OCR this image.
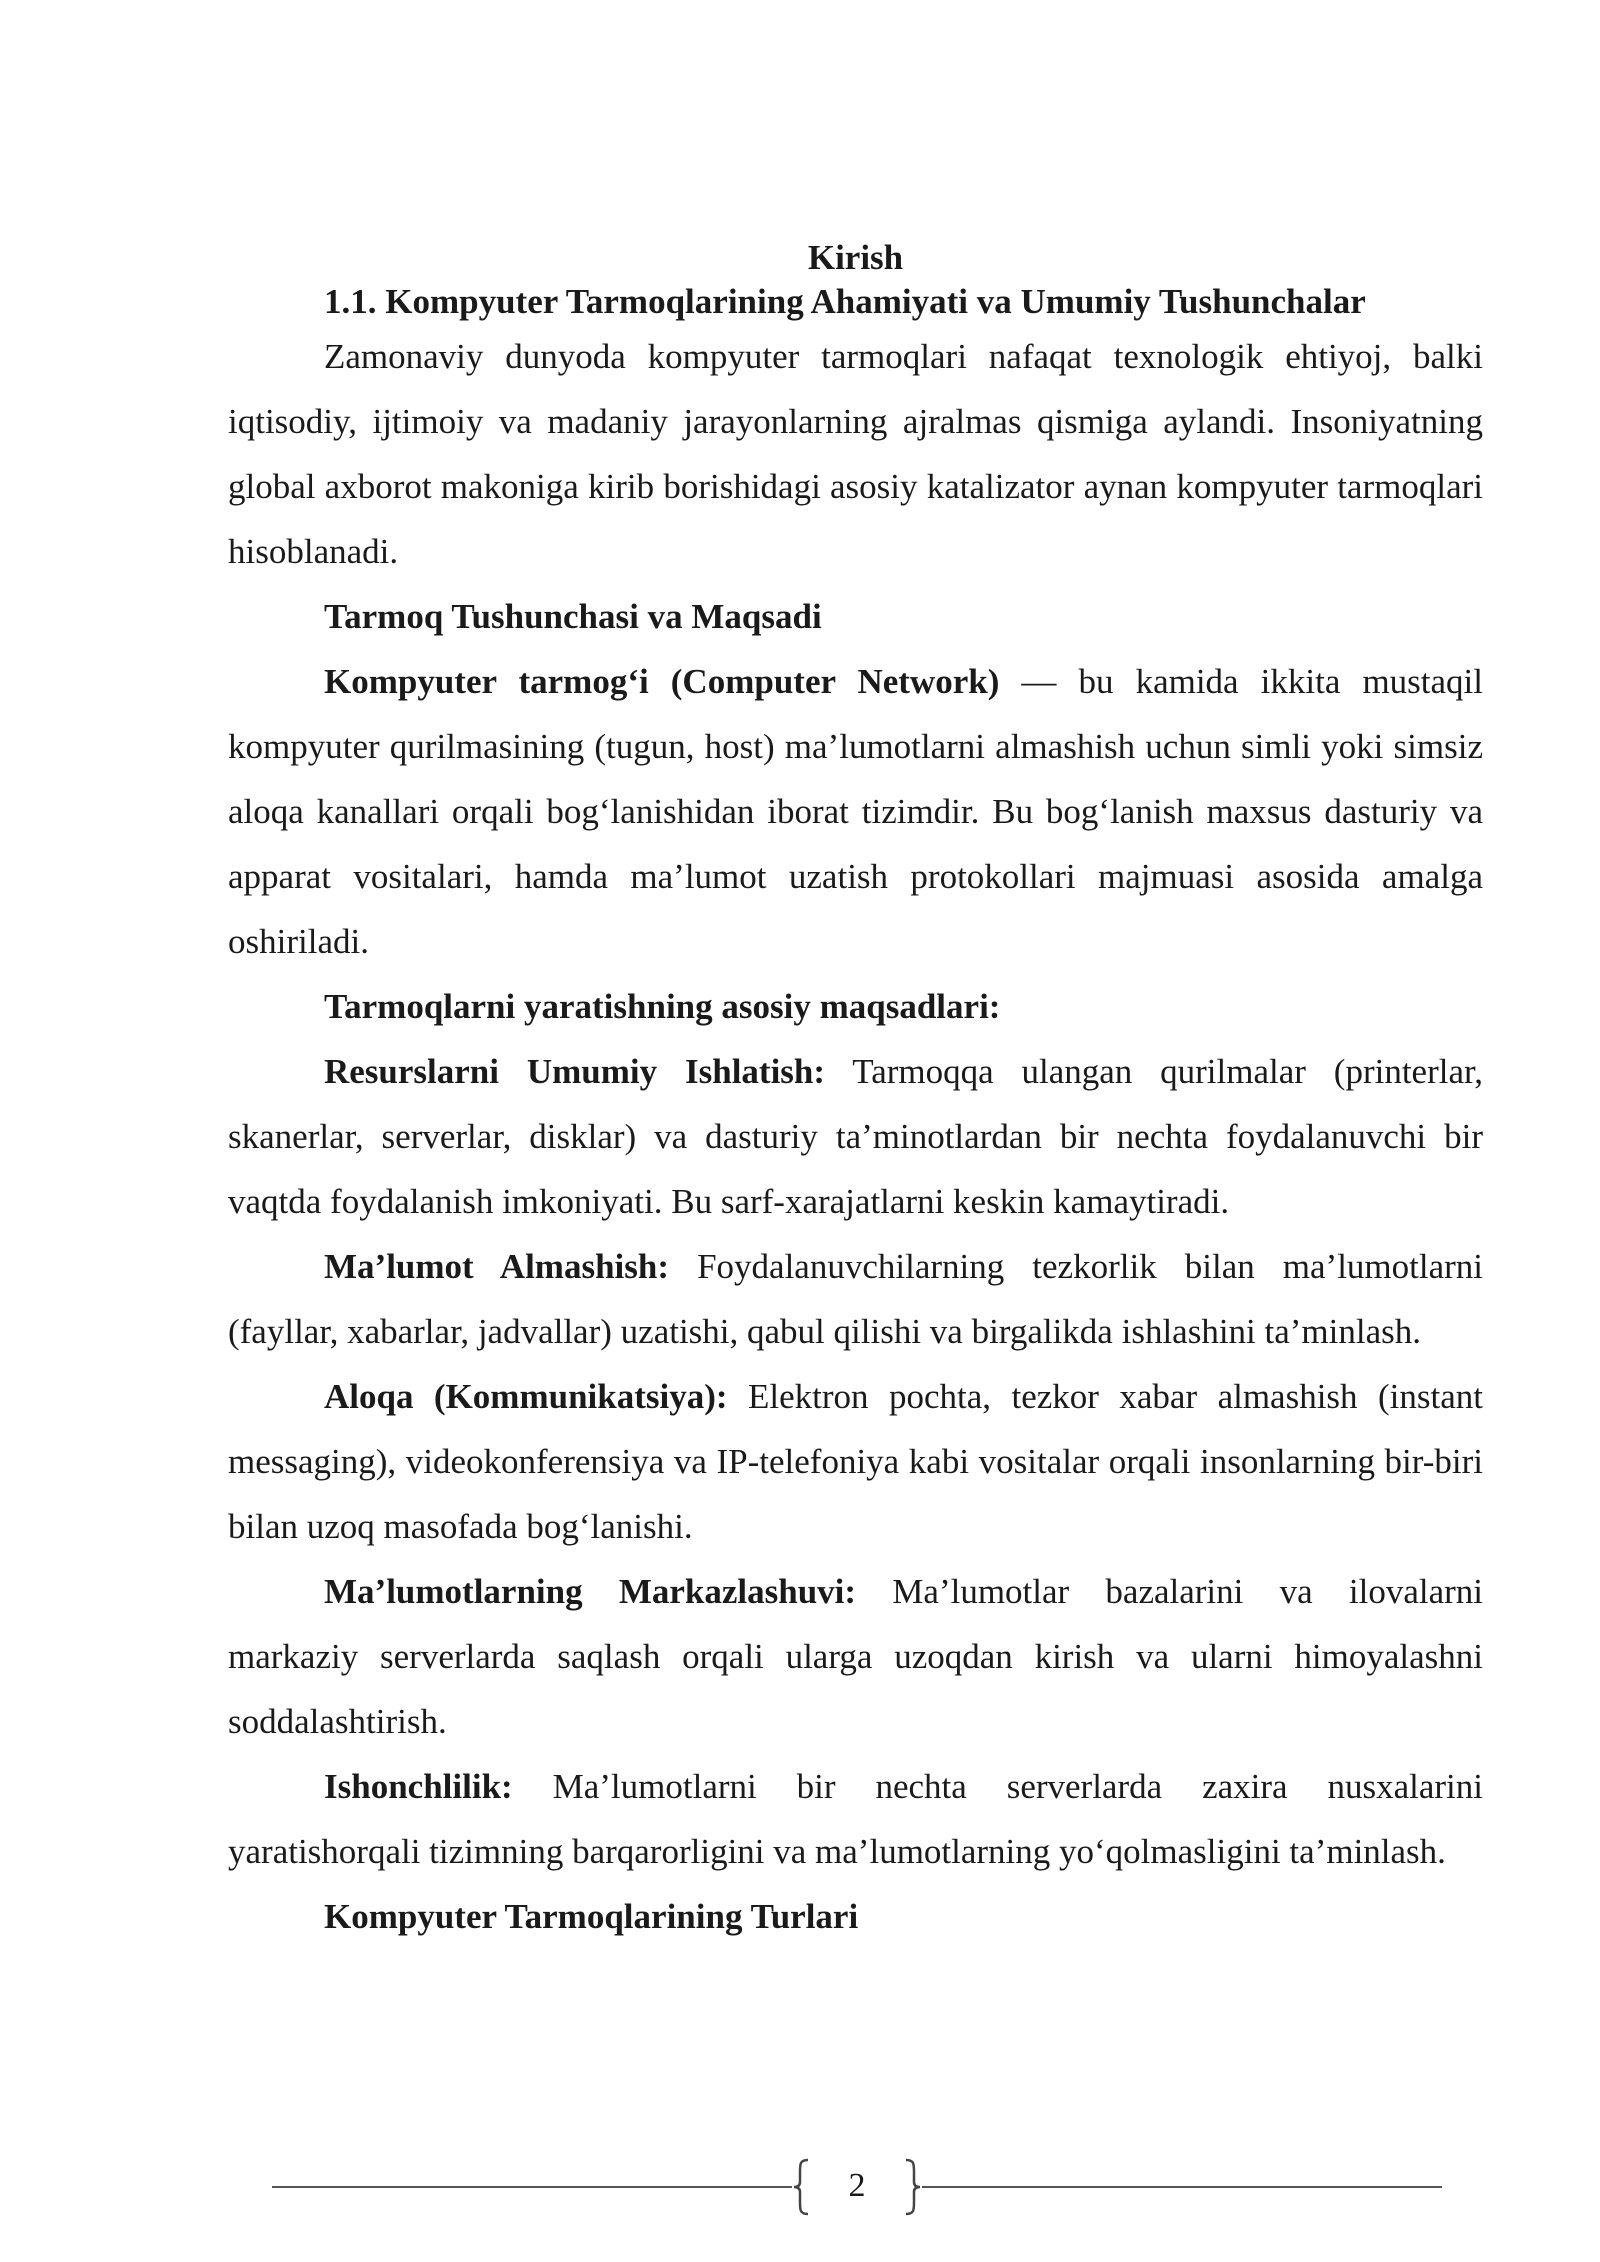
Kirish

1.1. Kompyuter Tarmoqlarining Ahamiyati va Umumiy Tushunchalar

Zamonaviy dunyoda kompyuter tarmoqlari nafaqat texnologik ehtiyoj, balki iqtisodiy, ijtimoiy va madaniy jarayonlarning ajralmas qismiga aylandi. Insoniyatning global axborot makoniga kirib borishidagi asosiy katalizator aynan kompyuter tarmoqlari hisoblanadi.

Tarmoq Tushunchasi va Maqsadi

Kompyuter tarmog‘i (Computer Network) — bu kamida ikkita mustaqil kompyuter qurilmasining (tugun, host) ma’lumotlarni almashish uchun simli yoki simsiz aloqa kanallari orqali bog‘lanishidan iborat tizimdir. Bu bog‘lanish maxsus dasturiy va apparat vositalari, hamda ma’lumot uzatish protokollari majmuasi asosida amalga oshiriladi.

Tarmoqlarni yaratishning asosiy maqsadlari:

Resurslarni Umumiy Ishlatish: Tarmoqqa ulangan qurilmalar (printerlar, skanerlar, serverlar, disklar) va dasturiy ta’minotlardan bir nechta foydalanuvchi bir vaqtda foydalanish imkoniyati. Bu sarf-xarajatlarni keskin kamaytiradi.

Ma’lumot Almashish: Foydalanuvchilarning tezkorlik bilan ma’lumotlarni (fayllar, xabarlar, jadvallar) uzatishi, qabul qilishi va birgalikda ishlashini ta’minlash.

Aloqa (Kommunikatsiya): Elektron pochta, tezkor xabar almashish (instant messaging), videokonferensiya va IP-telefoniya kabi vositalar orqali insonlarning bir-biri bilan uzoq masofada bog‘lanishi.

Ma’lumotlarning Markazlashuvi: Ma’lumotlar bazalarini va ilovalarni markaziy serverlarda saqlash orqali ularga uzoqdan kirish va ularni himoyalashni soddalashtirish.

Ishonchlilik: Ma’lumotlarni bir nechta serverlarda zaxira nusxalarini yaratishorqali tizimning barqarorligini va ma’lumotlarning yo‘qolmasligini ta’minlash.

Kompyuter Tarmoqlarining Turlari

2
